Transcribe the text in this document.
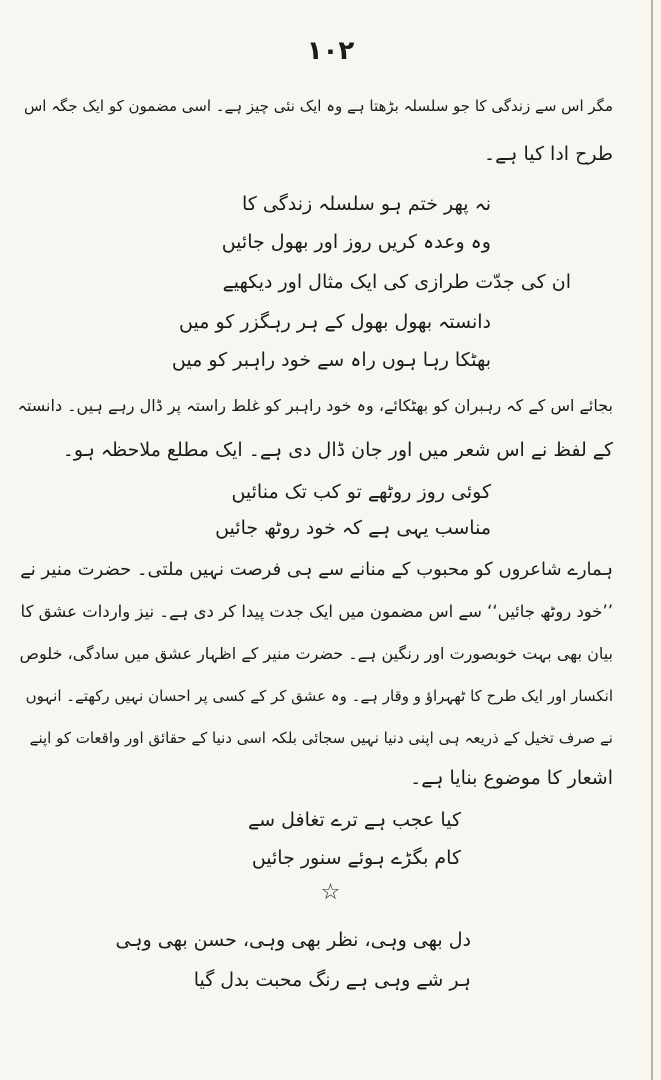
۱۰۲
مگر اس سے زندگی کا جو سلسلہ بڑھتا ہے وہ ایک نئی چیز ہے۔ اسی مضمون کو ایک جگہ اس
طرح ادا کیا ہے۔
نہ پھر ختم ہو سلسلہ زندگی کا
وہ وعدہ کریں روز اور بھول جائیں
ان کی جدّت طرازی کی ایک مثال اور دیکھیے
دانستہ بھول بھول کے ہر رہگزر کو میں
بھٹکا رہا ہوں راہ سے خود راہبر کو میں
بجائے اس کے کہ رہبران کو بھٹکائے، وہ خود راہبر کو غلط راستہ پر ڈال رہے ہیں۔ دانستہ
کے لفظ نے اس شعر میں اور جان ڈال دی ہے۔ ایک مطلع ملاحظہ ہو۔
کوئی روز روٹھے تو کب تک منائیں
مناسب یہی ہے کہ خود روٹھ جائیں
ہمارے شاعروں کو محبوب کے منانے سے ہی فرصت نہیں ملتی۔ حضرت منیر نے
’’خود روٹھ جائیں‘‘ سے اس مضمون میں ایک جدت پیدا کر دی ہے۔ نیز واردات عشق کا
بیان بھی بہت خوبصورت اور رنگین ہے۔ حضرت منیر کے اظہار عشق میں سادگی، خلوص
انکسار اور ایک طرح کا ٹھہراؤ و وقار ہے۔ وہ عشق کر کے کسی پر احسان نہیں رکھتے۔ انہوں
نے صرف تخیل کے ذریعہ ہی اپنی دنیا نہیں سجائی بلکہ اسی دنیا کے حقائق اور واقعات کو اپنے
اشعار کا موضوع بنایا ہے۔
کیا عجب ہے ترے تغافل سے
کام بگڑے ہوئے سنور جائیں
☆
دل بھی وہی، نظر بھی وہی، حسن بھی وہی
ہر شے وہی ہے رنگ محبت بدل گیا
